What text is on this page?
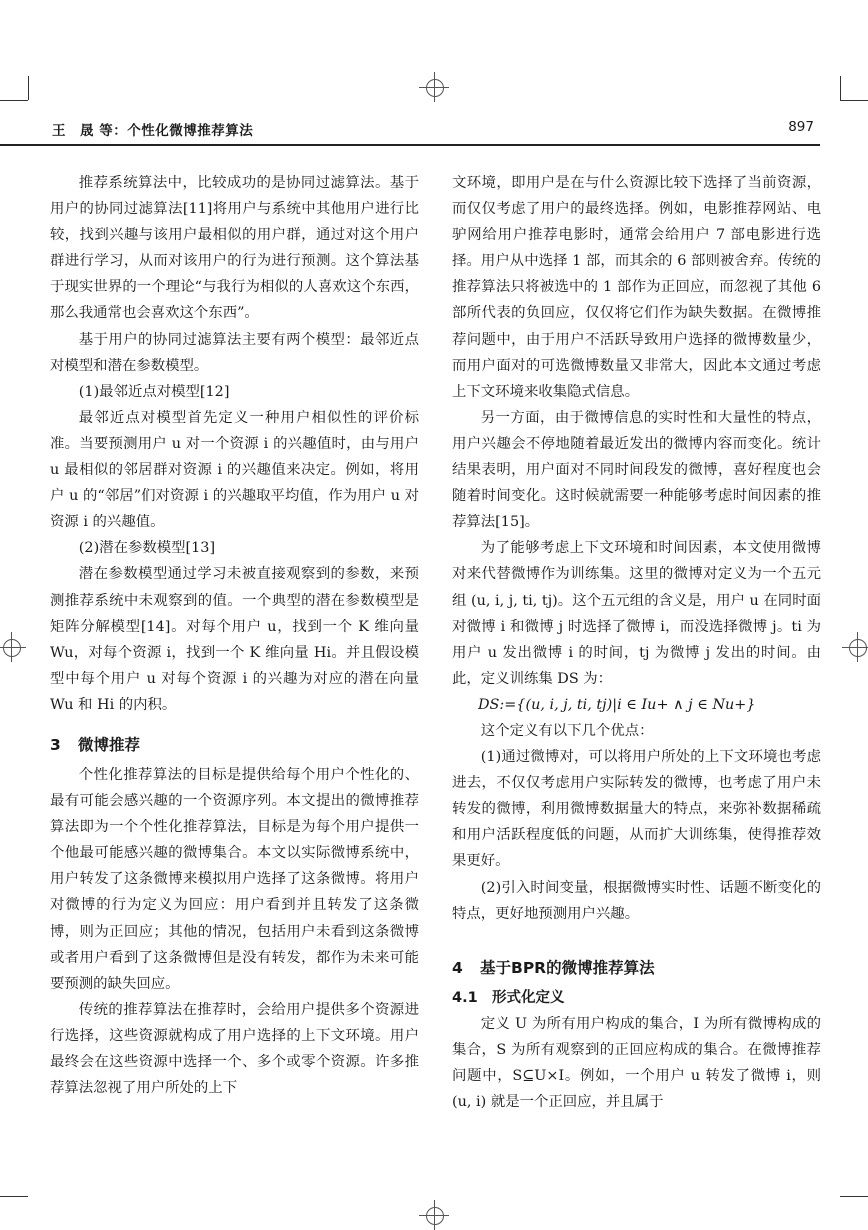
王　晟 等：个性化微博推荐算法	897

推荐系统算法中，比较成功的是协同过滤算法。基于用户的协同过滤算法[11]将用户与系统中其他用户进行比较，找到兴趣与该用户最相似的用户群，通过对这个用户群进行学习，从而对该用户的行为进行预测。这个算法基于现实世界的一个理论“与我行为相似的人喜欢这个东西，那么我通常也会喜欢这个东西”。

基于用户的协同过滤算法主要有两个模型：最邻近点对模型和潜在参数模型。

(1)最邻近点对模型[12]

最邻近点对模型首先定义一种用户相似性的评价标准。当要预测用户 u 对一个资源 i 的兴趣值时，由与用户 u 最相似的邻居群对资源 i 的兴趣值来决定。例如，将用户 u 的“邻居”们对资源 i 的兴趣取平均值，作为用户 u 对资源 i 的兴趣值。

(2)潜在参数模型[13]

潜在参数模型通过学习未被直接观察到的参数，来预测推荐系统中未观察到的值。一个典型的潜在参数模型是矩阵分解模型[14]。对每个用户 u，找到一个 K 维向量 Wu，对每个资源 i，找到一个 K 维向量 Hi。并且假设模型中每个用户 u 对每个资源 i 的兴趣为对应的潜在向量 Wu 和 Hi 的内积。

3 微博推荐

个性化推荐算法的目标是提供给每个用户个性化的、最有可能会感兴趣的一个资源序列。本文提出的微博推荐算法即为一个个性化推荐算法，目标是为每个用户提供一个他最可能感兴趣的微博集合。本文以实际微博系统中，用户转发了这条微博来模拟用户选择了这条微博。将用户对微博的行为定义为回应：用户看到并且转发了这条微博，则为正回应；其他的情况，包括用户未看到这条微博或者用户看到了这条微博但是没有转发，都作为未来可能要预测的缺失回应。

传统的推荐算法在推荐时，会给用户提供多个资源进行选择，这些资源就构成了用户选择的上下文环境。用户最终会在这些资源中选择一个、多个或零个资源。许多推荐算法忽视了用户所处的上下

文环境，即用户是在与什么资源比较下选择了当前资源，而仅仅考虑了用户的最终选择。例如，电影推荐网站、电驴网给用户推荐电影时，通常会给用户 7 部电影进行选择。用户从中选择 1 部，而其余的 6 部则被舍弃。传统的推荐算法只将被选中的 1 部作为正回应，而忽视了其他 6 部所代表的负回应，仅仅将它们作为缺失数据。在微博推荐问题中，由于用户不活跃导致用户选择的微博数量少，而用户面对的可选微博数量又非常大，因此本文通过考虑上下文环境来收集隐式信息。

另一方面，由于微博信息的实时性和大量性的特点，用户兴趣会不停地随着最近发出的微博内容而变化。统计结果表明，用户面对不同时间段发的微博，喜好程度也会随着时间变化。这时候就需要一种能够考虑时间因素的推荐算法[15]。

为了能够考虑上下文环境和时间因素，本文使用微博对来代替微博作为训练集。这里的微博对定义为一个五元组 (u, i, j, ti, tj)。这个五元组的含义是，用户 u 在同时面对微博 i 和微博 j 时选择了微博 i，而没选择微博 j。ti 为用户 u 发出微博 i 的时间，tj 为微博 j 发出的时间。由此，定义训练集 DS 为：

DS:={(u, i, j, ti, tj)|i ∈ Iu+ ∧ j ∈ Nu+}

这个定义有以下几个优点：

(1)通过微博对，可以将用户所处的上下文环境也考虑进去，不仅仅考虑用户实际转发的微博，也考虑了用户未转发的微博，利用微博数据量大的特点，来弥补数据稀疏和用户活跃程度低的问题，从而扩大训练集，使得推荐效果更好。

(2)引入时间变量，根据微博实时性、话题不断变化的特点，更好地预测用户兴趣。

4 基于BPR的微博推荐算法
4.1 形式化定义

定义 U 为所有用户构成的集合，I 为所有微博构成的集合，S 为所有观察到的正回应构成的集合。在微博推荐问题中，S⊆U×I。例如，一个用户 u 转发了微博 i，则 (u, i) 就是一个正回应，并且属于
